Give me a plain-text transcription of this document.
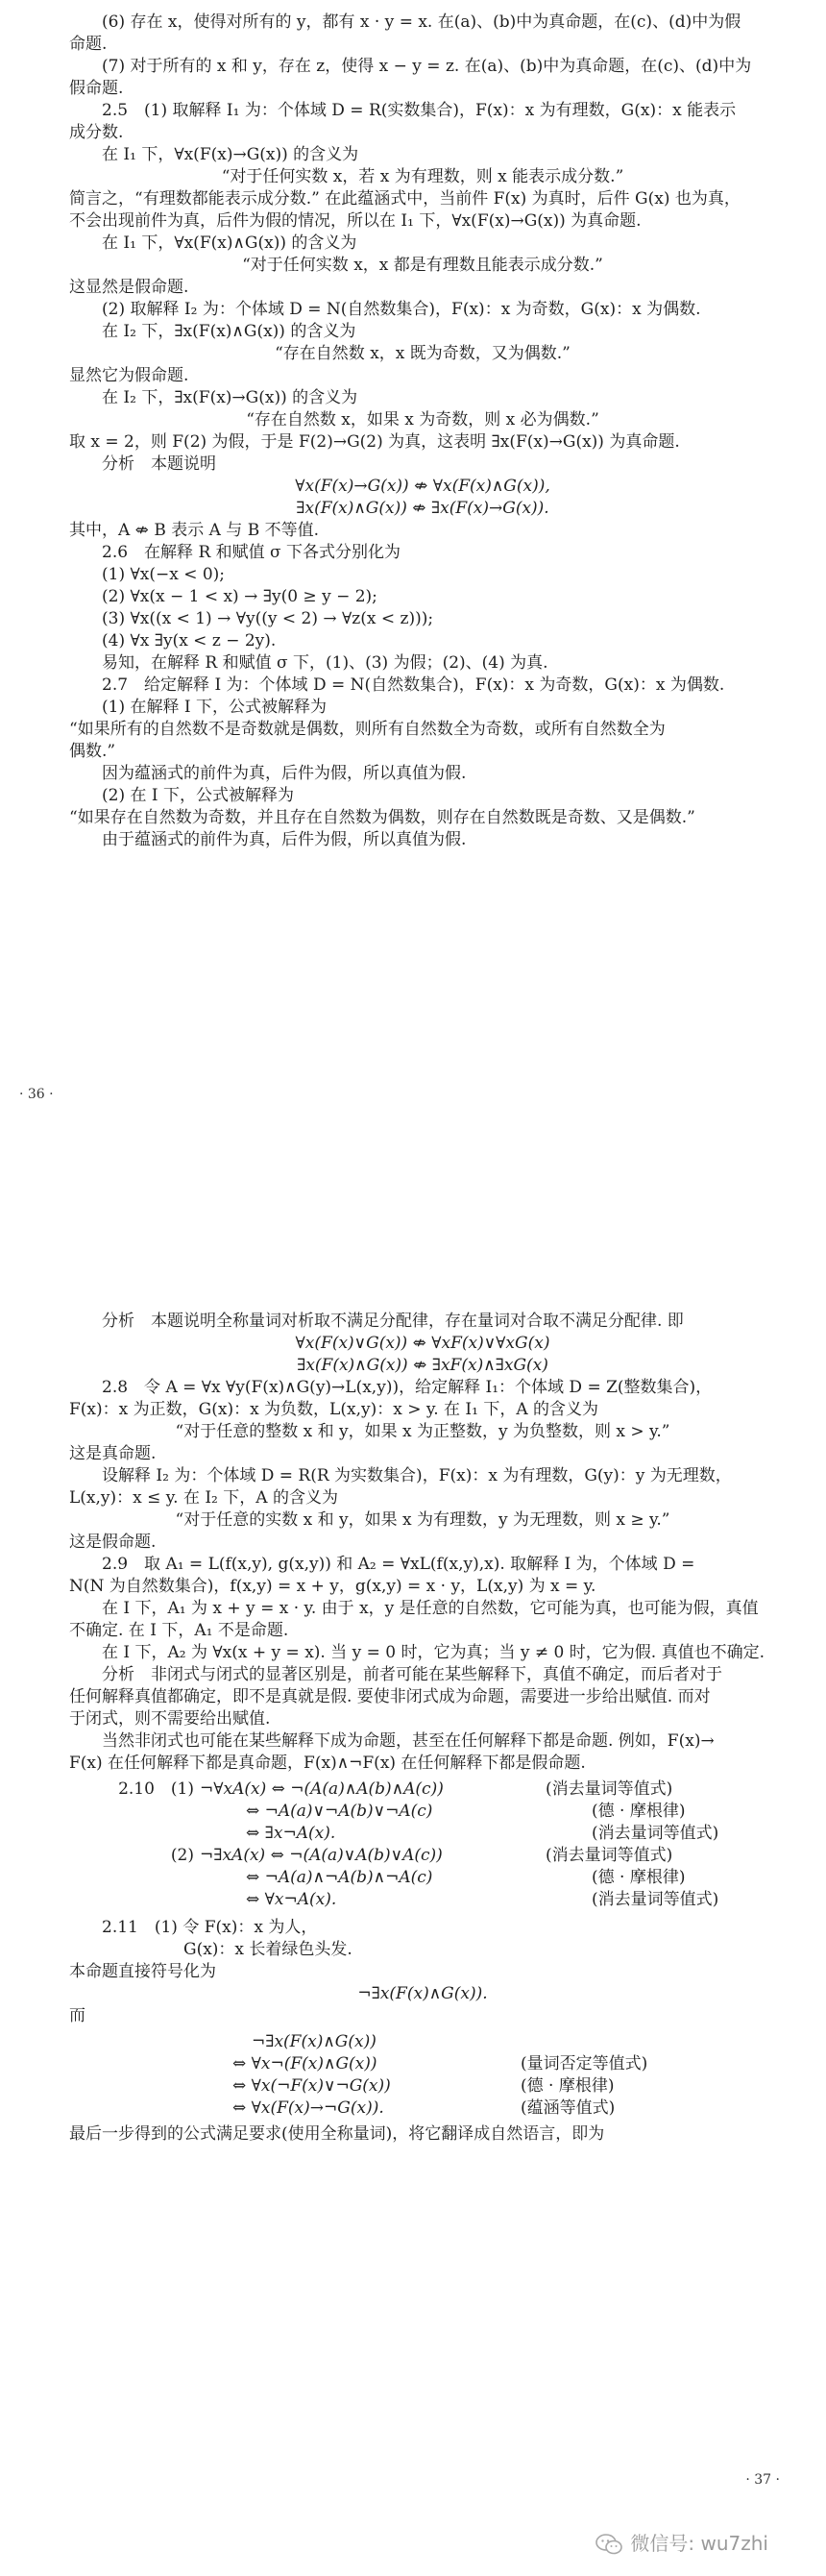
(6) 存在 x，使得对所有的 y，都有 x · y = x. 在(a)、(b)中为真命题，在(c)、(d)中为假

命题.

(7) 对于所有的 x 和 y，存在 z，使得 x − y = z. 在(a)、(b)中为真命题，在(c)、(d)中为

假命题.

2.5　(1) 取解释 I₁ 为：个体域 D = R(实数集合)，F(x)：x 为有理数，G(x)：x 能表示

成分数.

在 I₁ 下，∀x(F(x)→G(x)) 的含义为

“对于任何实数 x，若 x 为有理数，则 x 能表示成分数.”

简言之，“有理数都能表示成分数.” 在此蕴涵式中，当前件 F(x) 为真时，后件 G(x) 也为真，

不会出现前件为真，后件为假的情况，所以在 I₁ 下，∀x(F(x)→G(x)) 为真命题.

在 I₁ 下，∀x(F(x)∧G(x)) 的含义为

“对于任何实数 x，x 都是有理数且能表示成分数.”

这显然是假命题.

(2) 取解释 I₂ 为：个体域 D = N(自然数集合)，F(x)：x 为奇数，G(x)：x 为偶数.

在 I₂ 下，∃x(F(x)∧G(x)) 的含义为

“存在自然数 x，x 既为奇数，又为偶数.”

显然它为假命题.

在 I₂ 下，∃x(F(x)→G(x)) 的含义为

“存在自然数 x，如果 x 为奇数，则 x 必为偶数.”

取 x = 2，则 F(2) 为假，于是 F(2)→G(2) 为真，这表明 ∃x(F(x)→G(x)) 为真命题.

分析　本题说明

∀x(F(x)→G(x)) ⇎ ∀x(F(x)∧G(x)),

∃x(F(x)∧G(x)) ⇎ ∃x(F(x)→G(x)).

其中，A ⇎ B 表示 A 与 B 不等值.

2.6　在解释 R 和赋值 σ 下各式分别化为

(1) ∀x(−x < 0);

(2) ∀x(x − 1 < x) → ∃y(0 ≥ y − 2);

(3) ∀x((x < 1) → ∀y((y < 2) → ∀z(x < z)));

(4) ∀x ∃y(x < z − 2y).

易知，在解释 R 和赋值 σ 下，(1)、(3) 为假；(2)、(4) 为真.

2.7　给定解释 I 为：个体域 D = N(自然数集合)，F(x)：x 为奇数，G(x)：x 为偶数.

(1) 在解释 I 下，公式被解释为

“如果所有的自然数不是奇数就是偶数，则所有自然数全为奇数，或所有自然数全为

偶数.”

因为蕴涵式的前件为真，后件为假，所以真值为假.

(2) 在 I 下，公式被解释为

“如果存在自然数为奇数，并且存在自然数为偶数，则存在自然数既是奇数、又是偶数.”

由于蕴涵式的前件为真，后件为假，所以真值为假.

· 36 ·

分析　本题说明全称量词对析取不满足分配律，存在量词对合取不满足分配律. 即

∀x(F(x)∨G(x)) ⇎ ∀xF(x)∨∀xG(x)

∃x(F(x)∧G(x)) ⇎ ∃xF(x)∧∃xG(x)

2.8　令 A = ∀x ∀y(F(x)∧G(y)→L(x,y))，给定解释 I₁：个体域 D = Z(整数集合)，

F(x)：x 为正数，G(x)：x 为负数，L(x,y)：x > y. 在 I₁ 下，A 的含义为

“对于任意的整数 x 和 y，如果 x 为正整数，y 为负整数，则 x > y.”

这是真命题.

设解释 I₂ 为：个体域 D = R(R 为实数集合)，F(x)：x 为有理数，G(y)：y 为无理数，

L(x,y)：x ≤ y. 在 I₂ 下，A 的含义为

“对于任意的实数 x 和 y，如果 x 为有理数，y 为无理数，则 x ≥ y.”

这是假命题.

2.9　取 A₁ = L(f(x,y), g(x,y)) 和 A₂ = ∀xL(f(x,y),x). 取解释 I 为，个体域 D =

N(N 为自然数集合)，f(x,y) = x + y，g(x,y) = x · y，L(x,y) 为 x = y.

在 I 下，A₁ 为 x + y = x · y. 由于 x，y 是任意的自然数，它可能为真，也可能为假，真值

不确定. 在 I 下，A₁ 不是命题.

在 I 下，A₂ 为 ∀x(x + y = x). 当 y = 0 时，它为真；当 y ≠ 0 时，它为假. 真值也不确定.

分析　非闭式与闭式的显著区别是，前者可能在某些解释下，真值不确定，而后者对于

任何解释真值都确定，即不是真就是假. 要使非闭式成为命题，需要进一步给出赋值. 而对

于闭式，则不需要给出赋值.

当然非闭式也可能在某些解释下成为命题，甚至在任何解释下都是命题. 例如，F(x)→

F(x) 在任何解释下都是真命题，F(x)∧¬F(x) 在任何解释下都是假命题.

2.10　(1) ¬∀xA(x) ⇔ ¬(A(a)∧A(b)∧A(c))	(消去量词等值式)
⇔ ¬A(a)∨¬A(b)∨¬A(c)	(德 · 摩根律)
⇔ ∃x¬A(x).	(消去量词等值式)
(2) ¬∃xA(x) ⇔ ¬(A(a)∨A(b)∨A(c))	(消去量词等值式)
⇔ ¬A(a)∧¬A(b)∧¬A(c)	(德 · 摩根律)
⇔ ∀x¬A(x).	(消去量词等值式)

2.11　(1) 令 F(x)：x 为人，

　　　　　G(x)：x 长着绿色头发.

本命题直接符号化为

¬∃x(F(x)∧G(x)).

而

¬∃x(F(x)∧G(x))
⇔ ∀x¬(F(x)∧G(x))	(量词否定等值式)
⇔ ∀x(¬F(x)∨¬G(x))	(德 · 摩根律)
⇔ ∀x(F(x)→¬G(x)).	(蕴涵等值式)

最后一步得到的公式满足要求(使用全称量词)，将它翻译成自然语言，即为

· 37 ·
微信号: wu7zhi
